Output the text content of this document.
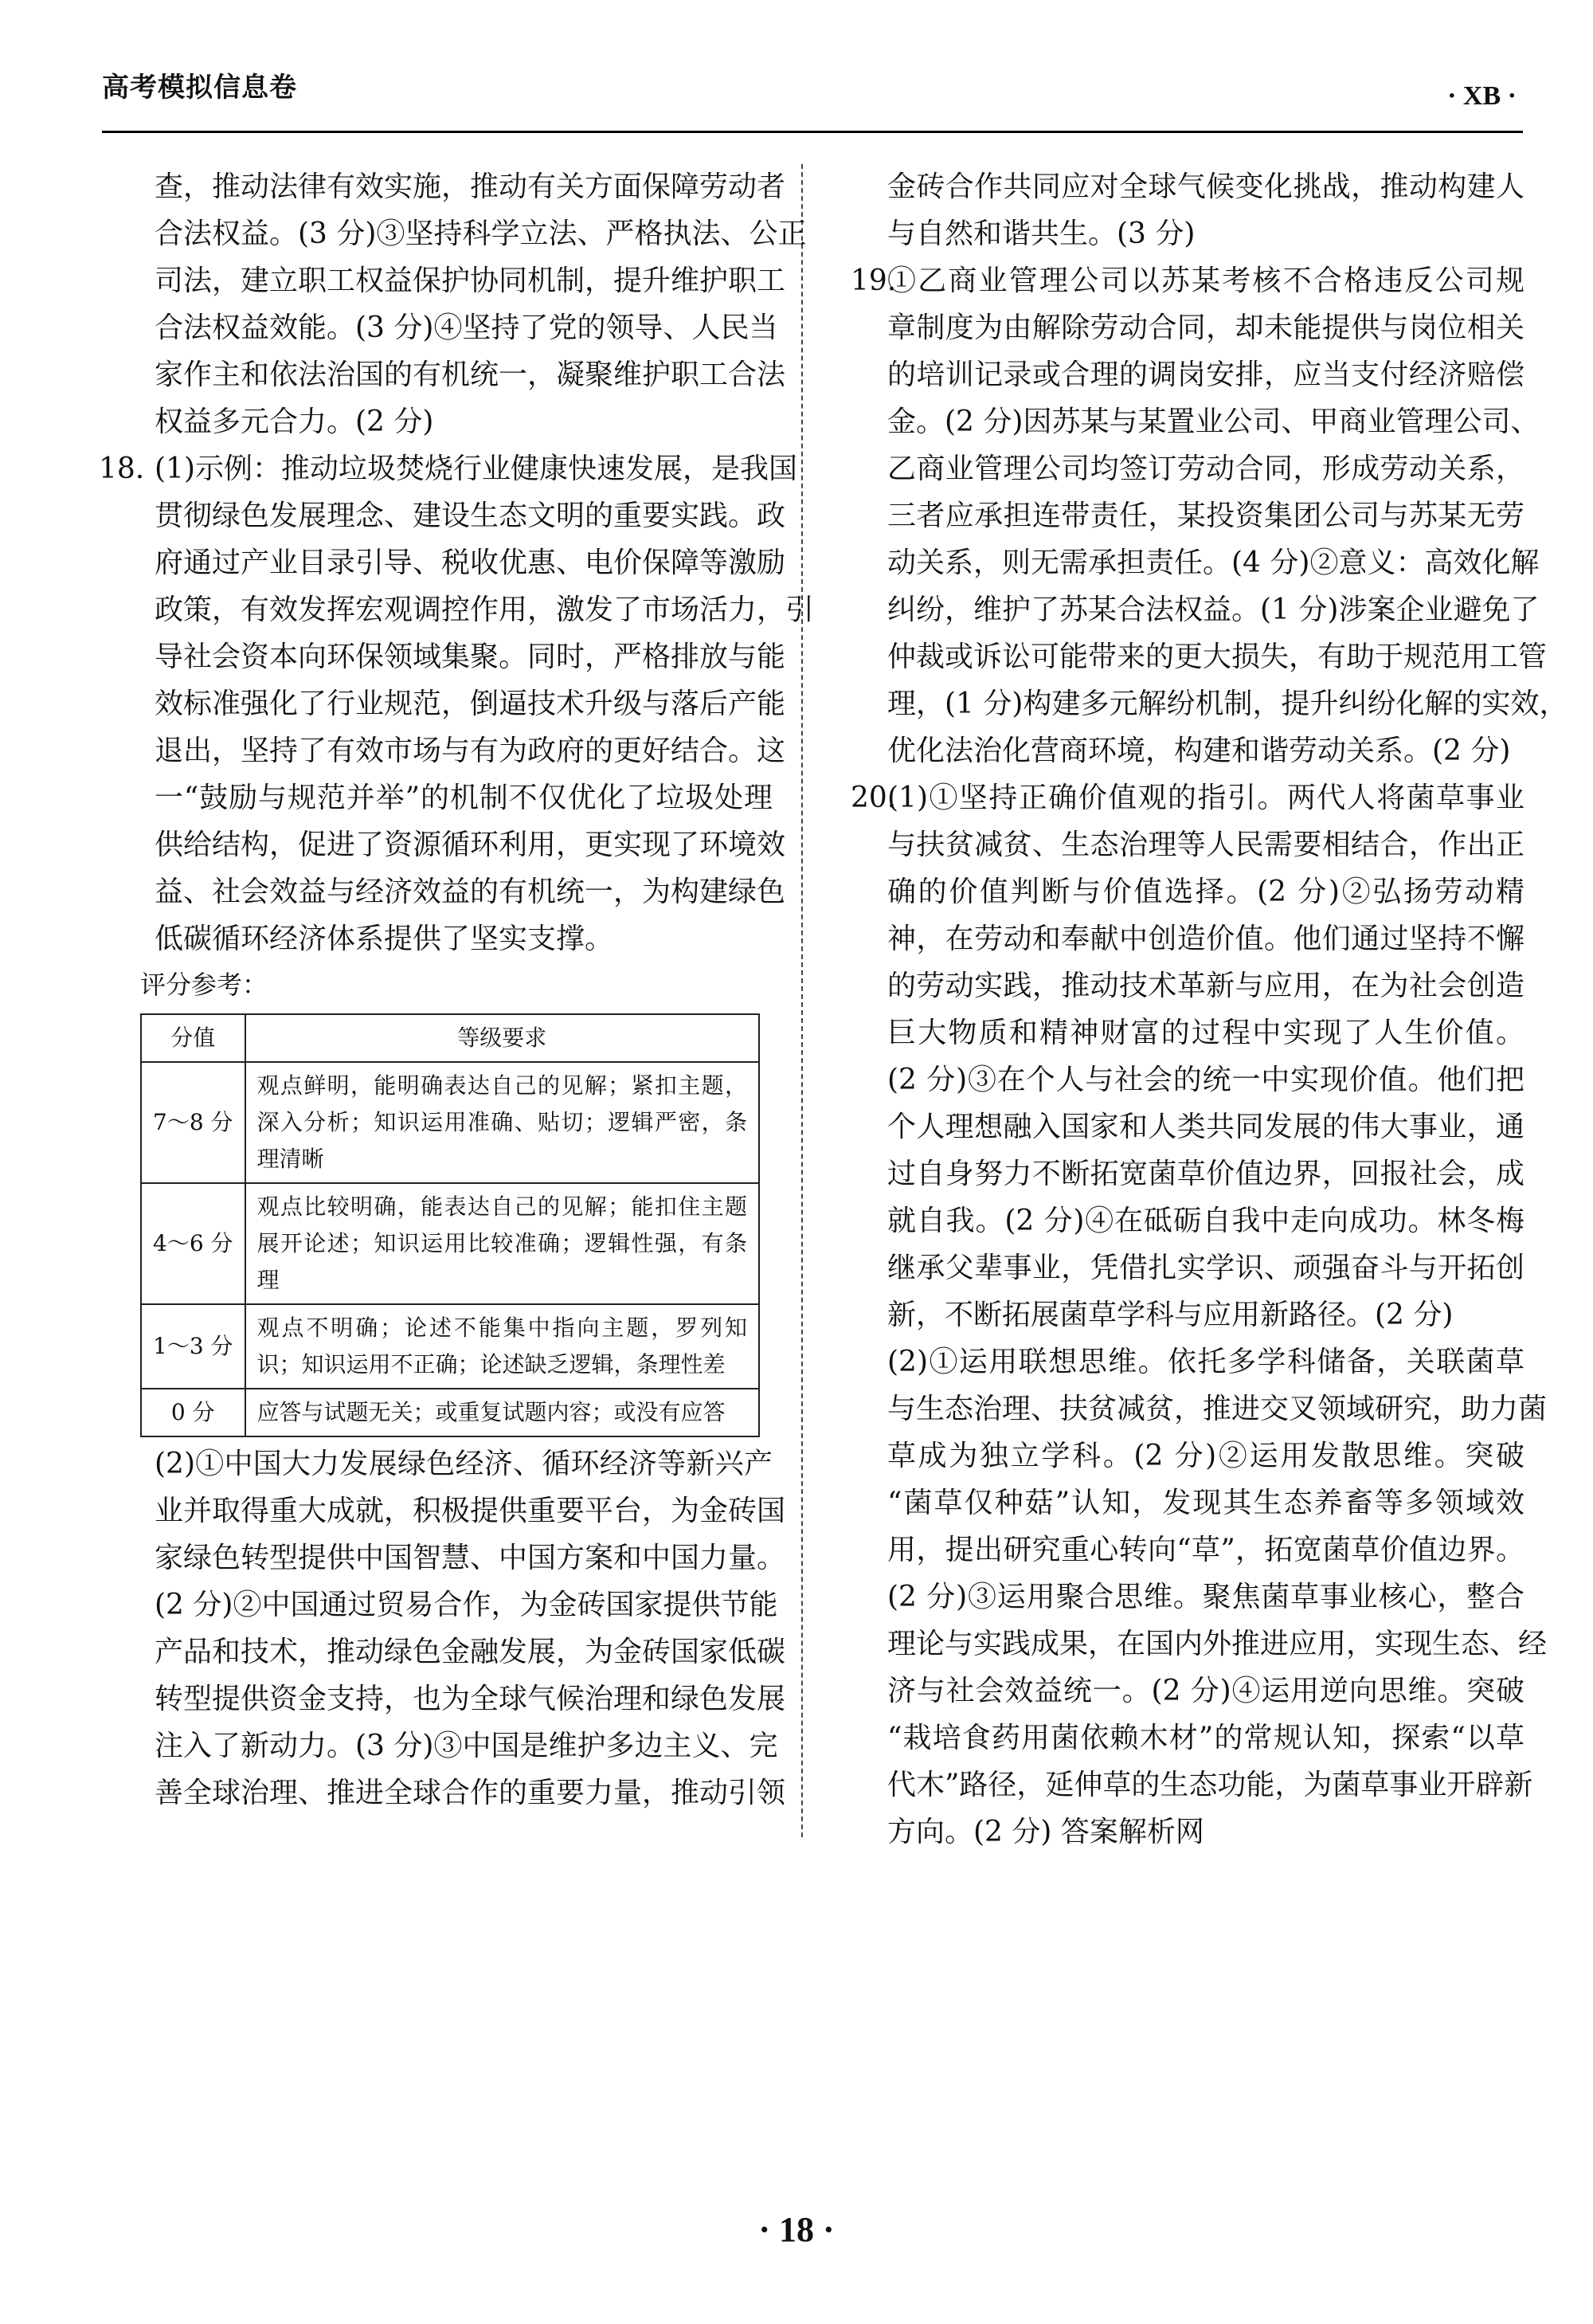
高考模拟信息卷	· XB ·
查，推动法律有效实施，推动有关方面保障劳动者
合法权益。(3 分)③坚持科学立法、严格执法、公正
司法，建立职工权益保护协同机制，提升维护职工
合法权益效能。(3 分)④坚持了党的领导、人民当
家作主和依法治国的有机统一，凝聚维护职工合法
权益多元合力。(2 分)
18. (1)示例：推动垃圾焚烧行业健康快速发展，是我国
贯彻绿色发展理念、建设生态文明的重要实践。政
府通过产业目录引导、税收优惠、电价保障等激励
政策，有效发挥宏观调控作用，激发了市场活力，引
导社会资本向环保领域集聚。同时，严格排放与能
效标准强化了行业规范，倒逼技术升级与落后产能
退出，坚持了有效市场与有为政府的更好结合。这
一“鼓励与规范并举”的机制不仅优化了垃圾处理
供给结构，促进了资源循环利用，更实现了环境效
益、社会效益与经济效益的有机统一，为构建绿色
低碳循环经济体系提供了坚实支撑。
评分参考：
分值	等级要求
7～8 分	观点鲜明，能明确表达自己的见解；紧扣主题，深入分析；知识运用准确、贴切；逻辑严密，条理清晰
4～6 分	观点比较明确，能表达自己的见解；能扣住主题展开论述；知识运用比较准确；逻辑性强，有条理
1～3 分	观点不明确；论述不能集中指向主题，罗列知识；知识运用不正确；论述缺乏逻辑，条理性差
0 分	应答与试题无关；或重复试题内容；或没有应答
(2)①中国大力发展绿色经济、循环经济等新兴产
业并取得重大成就，积极提供重要平台，为金砖国
家绿色转型提供中国智慧、中国方案和中国力量。
(2 分)②中国通过贸易合作，为金砖国家提供节能
产品和技术，推动绿色金融发展，为金砖国家低碳
转型提供资金支持，也为全球气候治理和绿色发展
注入了新动力。(3 分)③中国是维护多边主义、完
善全球治理、推进全球合作的重要力量，推动引领
金砖合作共同应对全球气候变化挑战，推动构建人
与自然和谐共生。(3 分)
19.
①乙商业管理公司以苏某考核不合格违反公司规
章制度为由解除劳动合同，却未能提供与岗位相关
的培训记录或合理的调岗安排，应当支付经济赔偿
金。(2 分)因苏某与某置业公司、甲商业管理公司、
乙商业管理公司均签订劳动合同，形成劳动关系，
三者应承担连带责任，某投资集团公司与苏某无劳
动关系，则无需承担责任。(4 分)②意义：高效化解
纠纷，维护了苏某合法权益。(1 分)涉案企业避免了
仲裁或诉讼可能带来的更大损失，有助于规范用工管
理，(1 分)构建多元解纷机制，提升纠纷化解的实效，
优化法治化营商环境，构建和谐劳动关系。(2 分)
20.
(1)①坚持正确价值观的指引。两代人将菌草事业
与扶贫减贫、生态治理等人民需要相结合，作出正
确的价值判断与价值选择。(2 分)②弘扬劳动精
神，在劳动和奉献中创造价值。他们通过坚持不懈
的劳动实践，推动技术革新与应用，在为社会创造
巨大物质和精神财富的过程中实现了人生价值。
(2 分)③在个人与社会的统一中实现价值。他们把
个人理想融入国家和人类共同发展的伟大事业，通
过自身努力不断拓宽菌草价值边界，回报社会，成
就自我。(2 分)④在砥砺自我中走向成功。林冬梅
继承父辈事业，凭借扎实学识、顽强奋斗与开拓创
新，不断拓展菌草学科与应用新路径。(2 分)
(2)①运用联想思维。依托多学科储备，关联菌草
与生态治理、扶贫减贫，推进交叉领域研究，助力菌
草成为独立学科。(2 分)②运用发散思维。突破
“菌草仅种菇”认知，发现其生态养畜等多领域效
用，提出研究重心转向“草”，拓宽菌草价值边界。
(2 分)③运用聚合思维。聚焦菌草事业核心，整合
理论与实践成果，在国内外推进应用，实现生态、经
济与社会效益统一。(2 分)④运用逆向思维。突破
“栽培食药用菌依赖木材”的常规认知，探索“以草
代木”路径，延伸草的生态功能，为菌草事业开辟新
方向。(2 分) 答案解析网
· 18 ·
